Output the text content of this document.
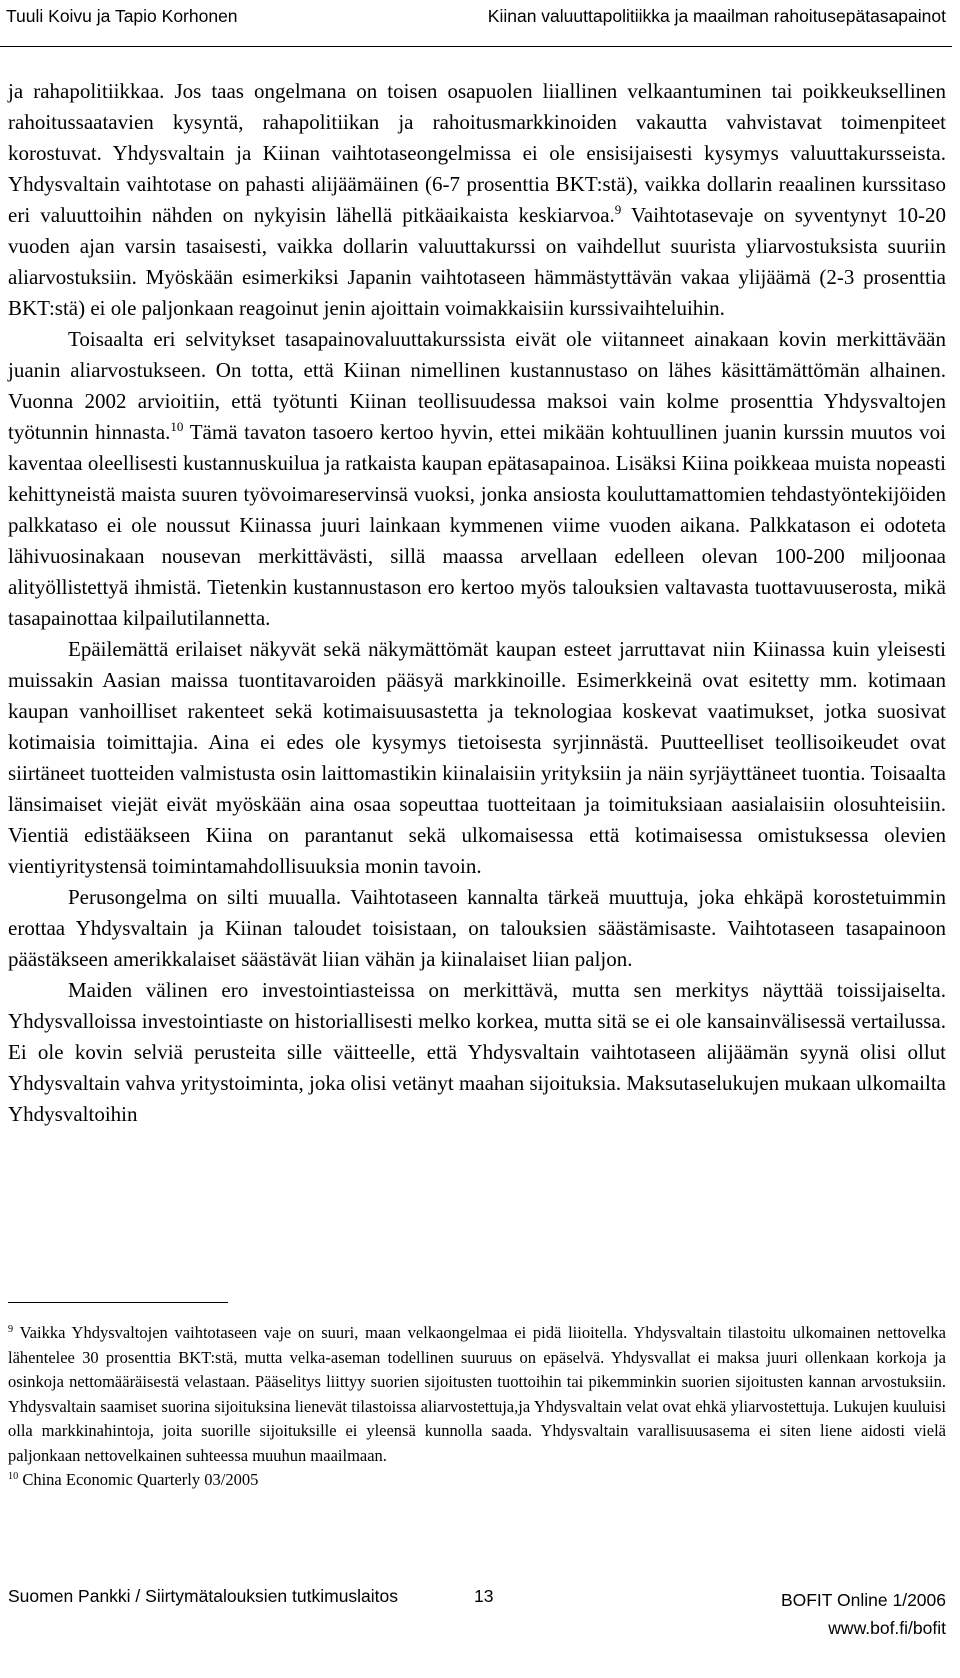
Tuuli Koivu ja Tapio Korhonen	Kiinan valuuttapolitiikka ja maailman rahoitusepätasapainot

ja rahapolitiikkaa. Jos taas ongelmana on toisen osapuolen liiallinen velkaantuminen tai poikkeuksellinen rahoitussaatavien kysyntä, rahapolitiikan ja rahoitusmarkkinoiden vakautta vahvistavat toimenpiteet korostuvat. Yhdysvaltain ja Kiinan vaihtotaseongelmissa ei ole ensisijaisesti kysymys valuuttakursseista. Yhdysvaltain vaihtotase on pahasti alijäämäinen (6-7 prosenttia BKT:stä), vaikka dollarin reaalinen kurssitaso eri valuuttoihin nähden on nykyisin lähellä pitkäaikaista keskiarvoa.$^9$ Vaihtotasevaje on syventynyt 10-20 vuoden ajan varsin tasaisesti, vaikka dollarin valuuttakurssi on vaihdellut suurista yliarvostuksista suuriin aliarvostuksiin. Myöskään esimerkiksi Japanin vaihtotaseen hämmästyttävän vakaa ylijäämä (2-3 prosenttia BKT:stä) ei ole paljonkaan reagoinut jenin ajoittain voimakkaisiin kurssivaihteluihin.

Toisaalta eri selvitykset tasapainovaluuttakurssista eivät ole viitanneet ainakaan kovin merkittävään juanin aliarvostukseen. On totta, että Kiinan nimellinen kustannustaso on lähes käsittämättömän alhainen. Vuonna 2002 arvioitiin, että työtunti Kiinan teollisuudessa maksoi vain kolme prosenttia Yhdysvaltojen työtunnin hinnasta.$^{10}$ Tämä tavaton tasoero kertoo hyvin, ettei mikään kohtuullinen juanin kurssin muutos voi kaventaa oleellisesti kustannuskuilua ja ratkaista kaupan epätasapainoa. Lisäksi Kiina poikkeaa muista nopeasti kehittyneistä maista suuren työvoimareservinsä vuoksi, jonka ansiosta kouluttamattomien tehdastyöntekijöiden palkkataso ei ole noussut Kiinassa juuri lainkaan kymmenen viime vuoden aikana. Palkkatason ei odoteta lähivuosinakaan nousevan merkittävästi, sillä maassa arvellaan edelleen olevan 100-200 miljoonaa alityöllistettyä ihmistä. Tietenkin kustannustason ero kertoo myös talouksien valtavasta tuottavuuserosta, mikä tasapainottaa kilpailutilannetta.

Epäilemättä erilaiset näkyvät sekä näkymättömät kaupan esteet jarruttavat niin Kiinassa kuin yleisesti muissakin Aasian maissa tuontitavaroiden pääsyä markkinoille. Esimerkkeinä ovat esitetty mm. kotimaan kaupan vanhoilliset rakenteet sekä kotimaisuusastetta ja teknologiaa koskevat vaatimukset, jotka suosivat kotimaisia toimittajia. Aina ei edes ole kysymys tietoisesta syrjinnästä. Puutteelliset teollisoikeudet ovat siirtäneet tuotteiden valmistusta osin laittomastikin kiinalaisiin yrityksiin ja näin syrjäyttäneet tuontia. Toisaalta länsimaiset viejät eivät myöskään aina osaa sopeuttaa tuotteitaan ja toimituksiaan aasialaisiin olosuhteisiin. Vientiä edistääkseen Kiina on parantanut sekä ulkomaisessa että kotimaisessa omistuksessa olevien vientiyritystensä toimintamahdollisuuksia monin tavoin.

Perusongelma on silti muualla. Vaihtotaseen kannalta tärkeä muuttuja, joka ehkäpä korostetuimmin erottaa Yhdysvaltain ja Kiinan taloudet toisistaan, on talouksien säästämisaste. Vaihtotaseen tasapainoon päästäkseen amerikkalaiset säästävät liian vähän ja kiinalaiset liian paljon.

Maiden välinen ero investointiasteissa on merkittävä, mutta sen merkitys näyttää toissijaiselta. Yhdysvalloissa investointiaste on historiallisesti melko korkea, mutta sitä se ei ole kansainvälisessä vertailussa. Ei ole kovin selviä perusteita sille väitteelle, että Yhdysvaltain vaihtotaseen alijäämän syynä olisi ollut Yhdysvaltain vahva yritystoiminta, joka olisi vetänyt maahan sijoituksia. Maksutaselukujen mukaan ulkomailta Yhdysvaltoihin

$^9$ Vaikka Yhdysvaltojen vaihtotaseen vaje on suuri, maan velkaongelmaa ei pidä liioitella. Yhdysvaltain tilastoitu ulkomainen nettovelka lähentelee 30 prosenttia BKT:stä, mutta velka-aseman todellinen suuruus on epäselvä. Yhdysvallat ei maksa juuri ollenkaan korkoja ja osinkoja nettomääräisestä velastaan. Pääselitys liittyy suorien sijoitusten tuottoihin tai pikemminkin suorien sijoitusten kannan arvostuksiin. Yhdysvaltain saamiset suorina sijoituksina lienevät tilastoissa aliarvostettuja,ja Yhdysvaltain velat ovat ehkä yliarvostettuja. Lukujen kuuluisi olla markkinahintoja, joita suorille sijoituksille ei yleensä kunnolla saada. Yhdysvaltain varallisuusasema ei siten liene aidosti vielä paljonkaan nettovelkainen suhteessa muuhun maailmaan.

$^{10}$ China Economic Quarterly 03/2005

Suomen Pankki / Siirtymätalouksien tutkimuslaitos	13	BOFIT Online 1/2006
www.bof.fi/bofit
